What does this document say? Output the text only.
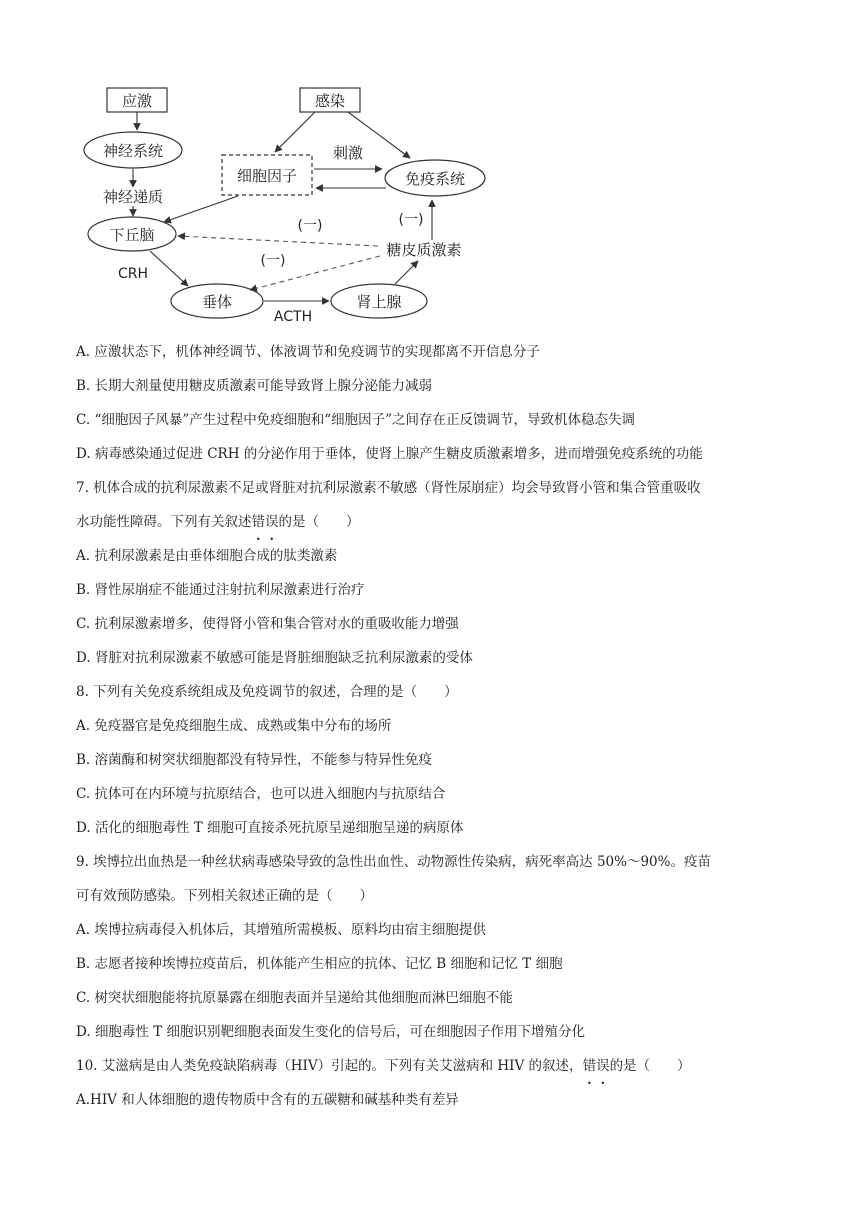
应激	感染
神经系统
细胞因子	免疫系统
下丘脑
糖皮质激素
垂体	肾上腺
神经递质
刺激
(一)
(一)
(一)
CRH
ACTH
A.
应激状态下，机体神经调节、体液调节和免疫调节的实现都离不开信息分子
B.
长期大剂量使用糖皮质激素可能导致肾上腺分泌能力减弱
C.
“细胞因子风暴”产生过程中免疫细胞和“细胞因子”之间存在正反馈调节，导致机体稳态失调
D.
病毒感染通过促进 CRH 的分泌作用于垂体，使肾上腺产生糖皮质激素增多，进而增强免疫系统的功能
7. 机体合成的抗利尿激素不足或肾脏对抗利尿激素不敏感（肾性尿崩症）均会导致肾小管和集合管重吸收
水功能性障碍。下列有关叙述 错 • 误 • 的是（　　）
A.
抗利尿激素是由垂体细胞合成的肽类激素
B.
肾性尿崩症不能通过注射抗利尿激素进行治疗
C.
抗利尿激素增多，使得肾小管和集合管对水的重吸收能力增强
D.
肾脏对抗利尿激素不敏感可能是肾脏细胞缺乏抗利尿激素的受体
8. 下列有关免疫系统组成及免疫调节的叙述，合理的是（　　）
A.
免疫器官是免疫细胞生成、成熟或集中分布的场所
B.
溶菌酶和树突状细胞都没有特异性，不能参与特异性免疫
C.
抗体可在内环境与抗原结合，也可以进入细胞内与抗原结合
D.
活化的细胞毒性 T 细胞可直接杀死抗原呈递细胞呈递的病原体
9. 埃博拉出血热是一种丝状病毒感染导致的急性出血性、动物源性传染病，病死率高达 50%～90%。疫苗
可有效预防感染。下列相关叙述正确的是（　　）
A.
埃博拉病毒侵入机体后，其增殖所需模板、原料均由宿主细胞提供
B.
志愿者接种埃博拉疫苗后，机体能产生相应的抗体、记忆 B 细胞和记忆 T 细胞
C.
树突状细胞能将抗原暴露在细胞表面并呈递给其他细胞而淋巴细胞不能
D.
细胞毒性 T 细胞识别靶细胞表面发生变化的信号后，可在细胞因子作用下增殖分化
10. 艾滋病是由人类免疫缺陷病毒（HIV）引起的。下列有关艾滋病和 HIV 的叙述， 错 • 误 • 的是（　　）
A. HIV 和人体细胞的遗传物质中含有的五碳糖和碱基种类有差异
